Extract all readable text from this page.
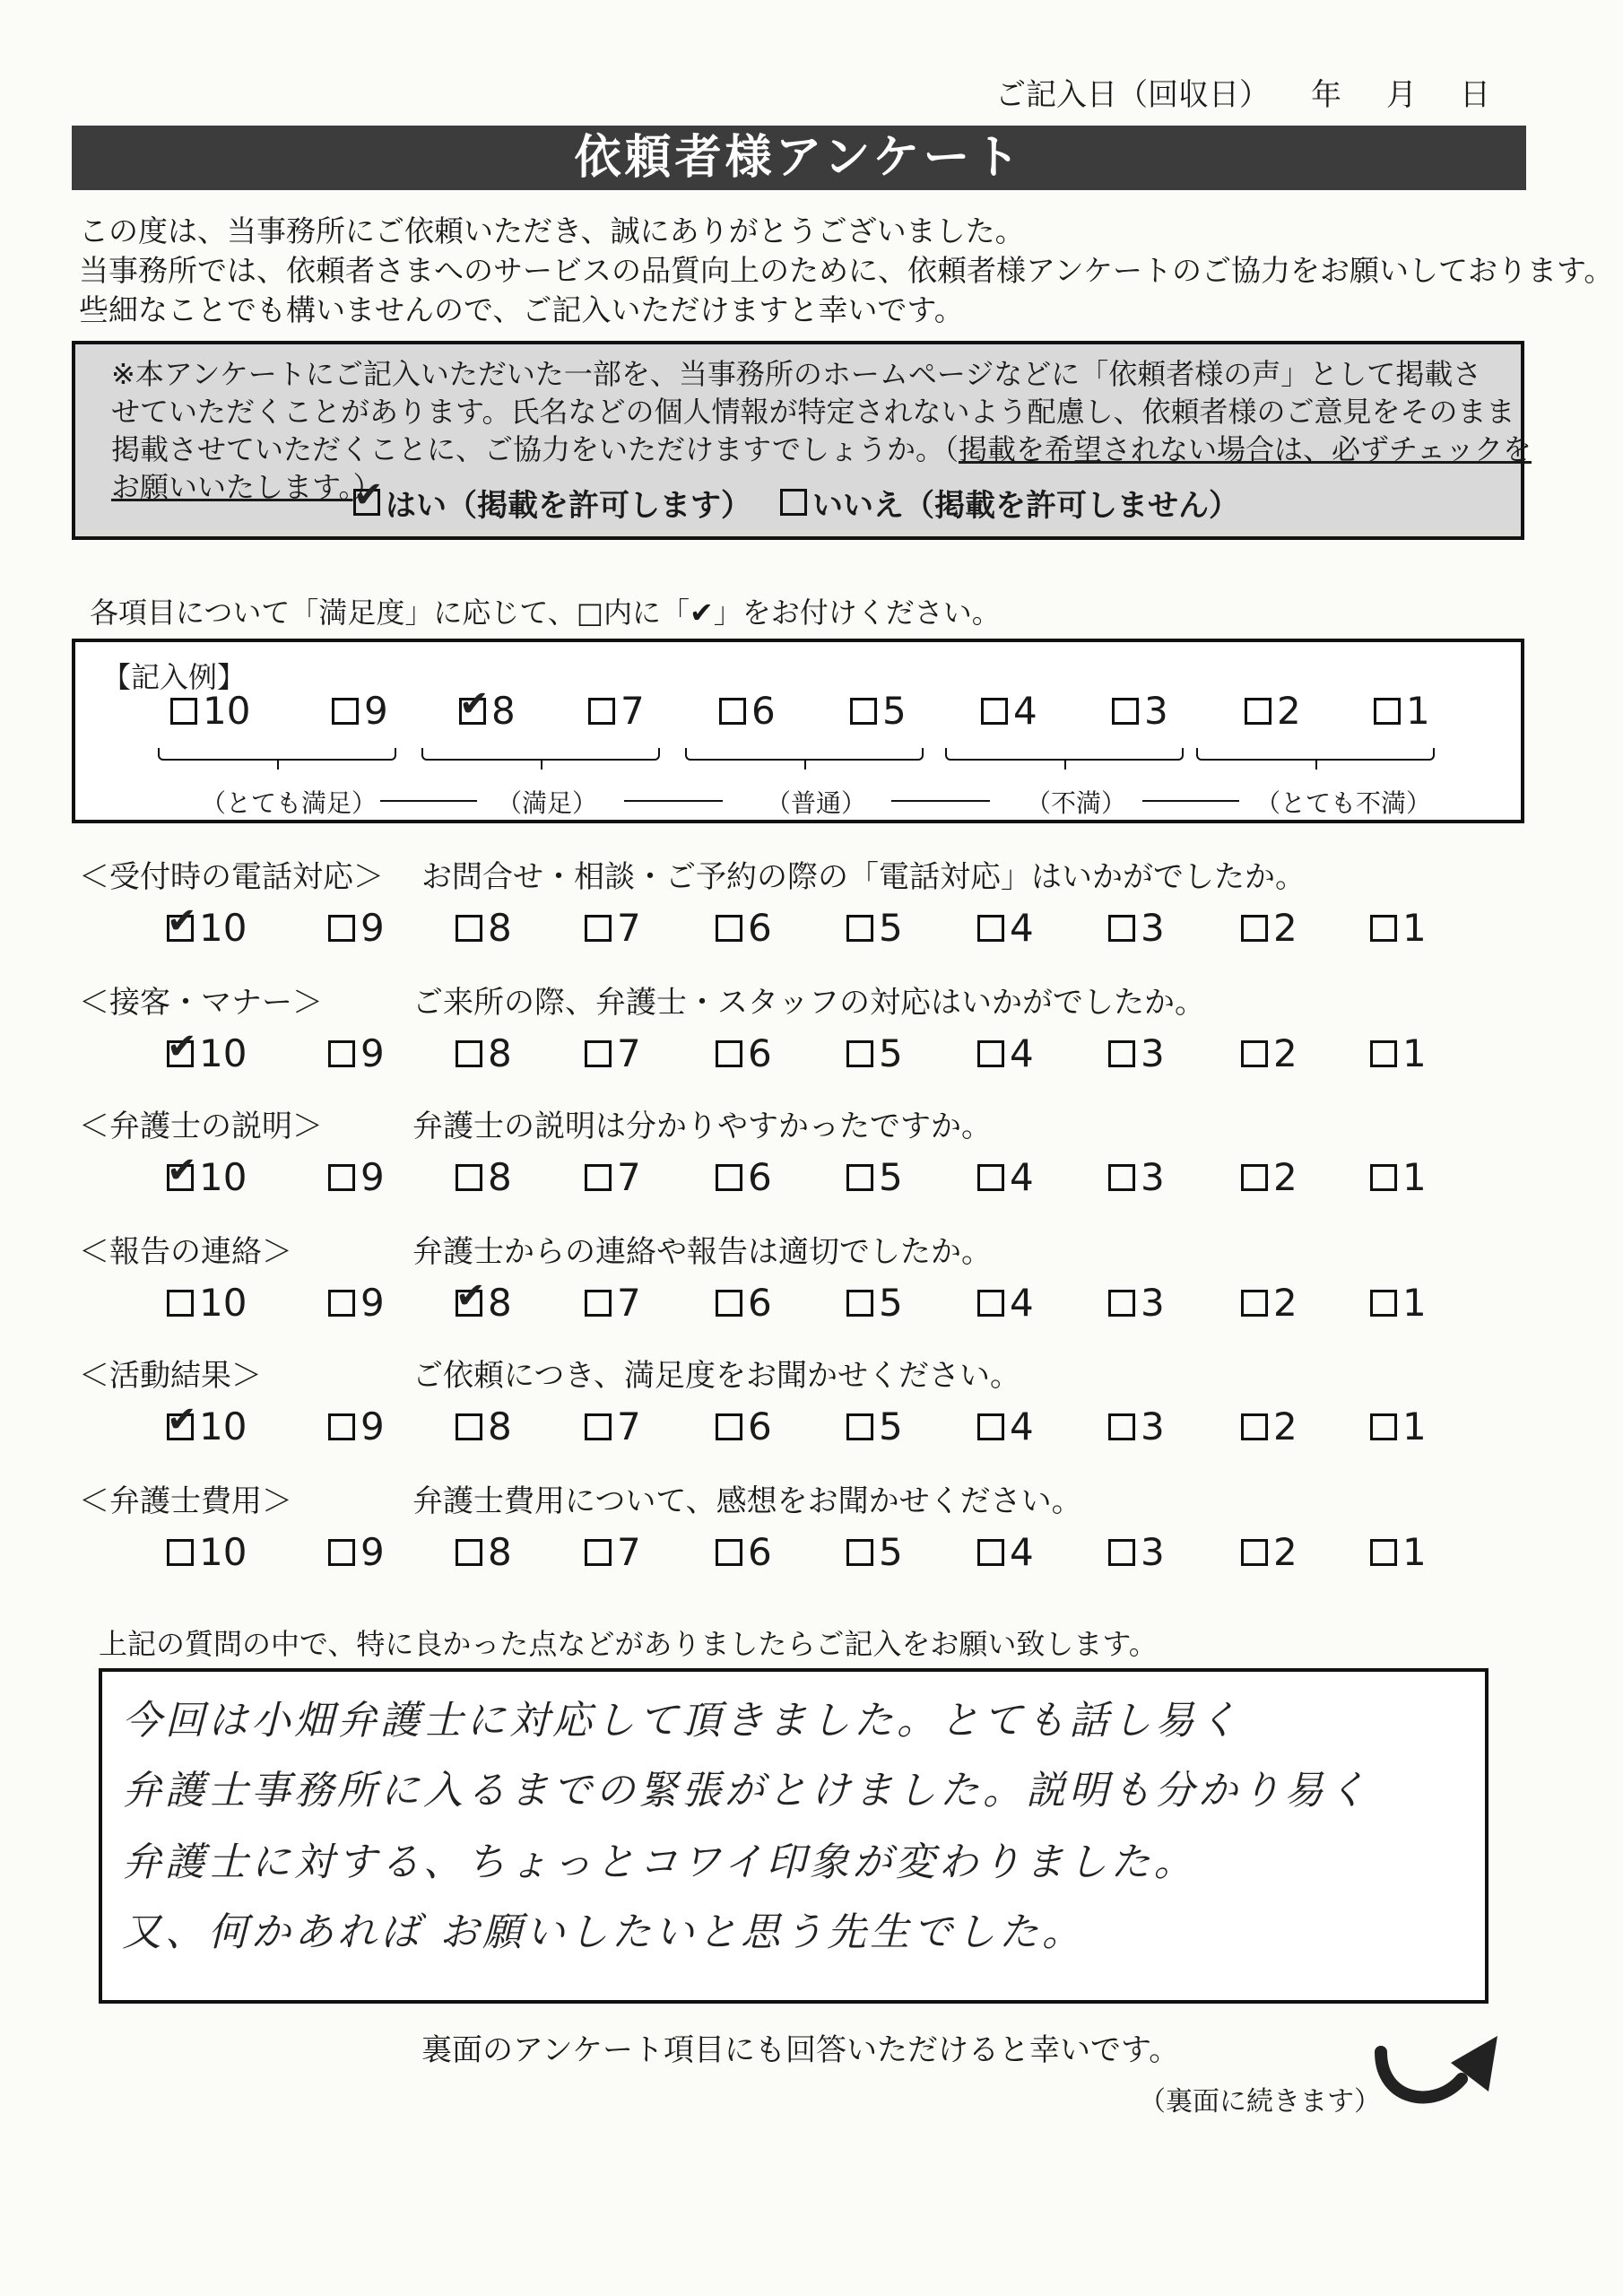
ご記入日（回収日） 年 月 日
依頼者様アンケート
この度は、当事務所にご依頼いただき、誠にありがとうございました。
当事務所では、依頼者さまへのサービスの品質向上のために、依頼者様アンケートのご協力をお願いしております。
些細なことでも構いませんので、ご記入いただけますと幸いです。
※本アンケートにご記入いただいた一部を、当事務所のホームページなどに「依頼者様の声」として掲載さ
せていただくことがあります。氏名などの個人情報が特定されないよう配慮し、依頼者様のご意見をそのまま
掲載させていただくことに、ご協力をいただけますでしょうか。（掲載を希望されない場合は、必ずチェックを
お願いいたします。）
✔はい（掲載を許可します）	いいえ（掲載を許可しません）
各項目について「満足度」に応じて、□内に「✔」をお付けください。
【記入例】
10	9 ✔	8	7	6	5	4	3	2	1
（とても満足）	（満足）	（普通）	（不満）	（とても不満）
＜受付時の電話対応＞ お問合せ・相談・ご予約の際の「電話対応」はいかがでしたか。
✔
10	9	8	7	6	5	4	3	2	1
＜接客・マナー＞	ご来所の際、弁護士・スタッフの対応はいかがでしたか。
✔
10	9	8	7	6	5	4	3	2	1
＜弁護士の説明＞	弁護士の説明は分かりやすかったですか。
✔
10	9	8	7	6	5	4	3	2	1
＜報告の連絡＞	弁護士からの連絡や報告は適切でしたか。
10	9 ✔	8	7	6	5	4	3	2	1
＜活動結果＞	ご依頼につき、満足度をお聞かせください。
✔
10	9	8	7	6	5	4	3	2	1
＜弁護士費用＞	弁護士費用について、感想をお聞かせください。
10	9	8	7	6	5	4	3	2	1
上記の質問の中で、特に良かった点などがありましたらご記入をお願い致します。
今回は小畑弁護士に対応して頂きました。とても話し易く
弁護士事務所に入るまでの緊張がとけました。説明も分かり易く
弁護士に対する、ちょっとコワイ印象が変わりました。
又、何かあれば お願いしたいと思う先生でした。
裏面のアンケート項目にも回答いただけると幸いです。
（裏面に続きます）
